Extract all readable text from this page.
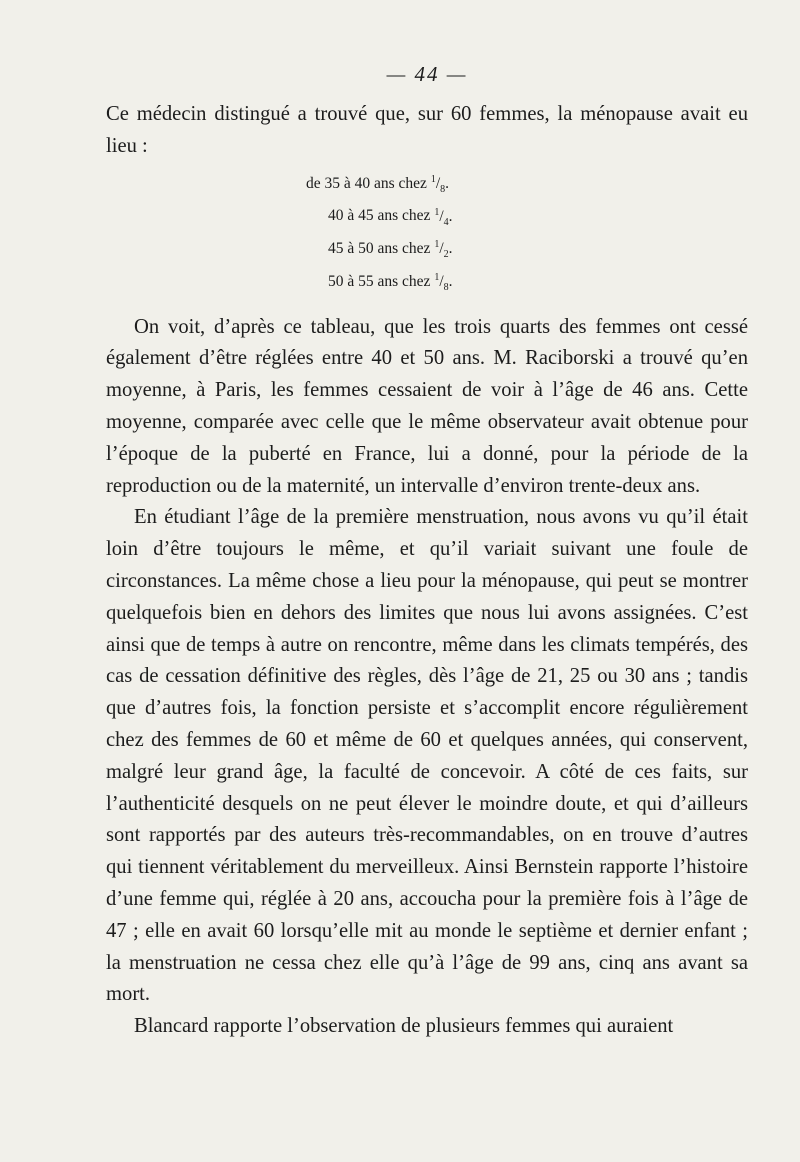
— 44 —

Ce médecin distingué a trouvé que, sur 60 femmes, la ménopause avait eu lieu :

de 35 à 40 ans chez $^1/_8$.
40 à 45 ans chez $^1/_4$.
45 à 50 ans chez $^1/_2$.
50 à 55 ans chez $^1/_8$.

On voit, d’après ce tableau, que les trois quarts des femmes ont cessé également d’être réglées entre 40 et 50 ans. M. Raciborski a trouvé qu’en moyenne, à Paris, les femmes cessaient de voir à l’âge de 46 ans. Cette moyenne, comparée avec celle que le même observateur avait obtenue pour l’époque de la puberté en France, lui a donné, pour la période de la reproduction ou de la maternité, un intervalle d’environ trente-deux ans.

En étudiant l’âge de la première menstruation, nous avons vu qu’il était loin d’être toujours le même, et qu’il variait suivant une foule de circonstances. La même chose a lieu pour la ménopause, qui peut se montrer quelquefois bien en dehors des limites que nous lui avons assignées. C’est ainsi que de temps à autre on rencontre, même dans les climats tempérés, des cas de cessation définitive des règles, dès l’âge de 21, 25 ou 30 ans ; tandis que d’autres fois, la fonction persiste et s’accomplit encore régulièrement chez des femmes de 60 et même de 60 et quelques années, qui conservent, malgré leur grand âge, la faculté de concevoir. A côté de ces faits, sur l’authenticité desquels on ne peut élever le moindre doute, et qui d’ailleurs sont rapportés par des auteurs très-recommandables, on en trouve d’autres qui tiennent véritablement du merveilleux. Ainsi Bernstein rapporte l’histoire d’une femme qui, réglée à 20 ans, accoucha pour la première fois à l’âge de 47 ; elle en avait 60 lorsqu’elle mit au monde le septième et dernier enfant ; la menstruation ne cessa chez elle qu’à l’âge de 99 ans, cinq ans avant sa mort.

Blancard rapporte l’observation de plusieurs femmes qui auraient
